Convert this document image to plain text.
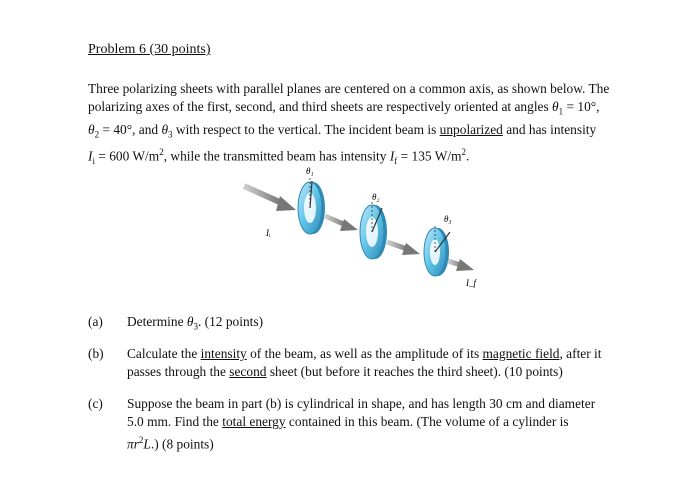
Problem 6 (30 points)

Three polarizing sheets with parallel planes are centered on a common axis, as shown below. The

polarizing axes of the first, second, and third sheets are respectively oriented at angles $\theta_1 = 10^\circ$,

$\theta_2 = 40^\circ$, and $\theta_3$ with respect to the vertical. The incident beam is unpolarized and has intensity

$I_i = 600$ $W/m^2$, while the transmitted beam has intensity $I_f = 135$ $W/m^2$.

θ₁
Iᵢ
θ₂
θ₃
I_f
(a) Determine $\theta_3$. (12 points)

(b) Calculate the intensity of the beam, as well as the amplitude of its magnetic field, after it

passes through the second sheet (but before it reaches the third sheet). (10 points)

(c) Suppose the beam in part (b) is cylindrical in shape, and has length 30 cm and diameter

5.0 mm. Find the total energy contained in this beam. (The volume of a cylinder is

$\pi r^2L$.) (8 points)
